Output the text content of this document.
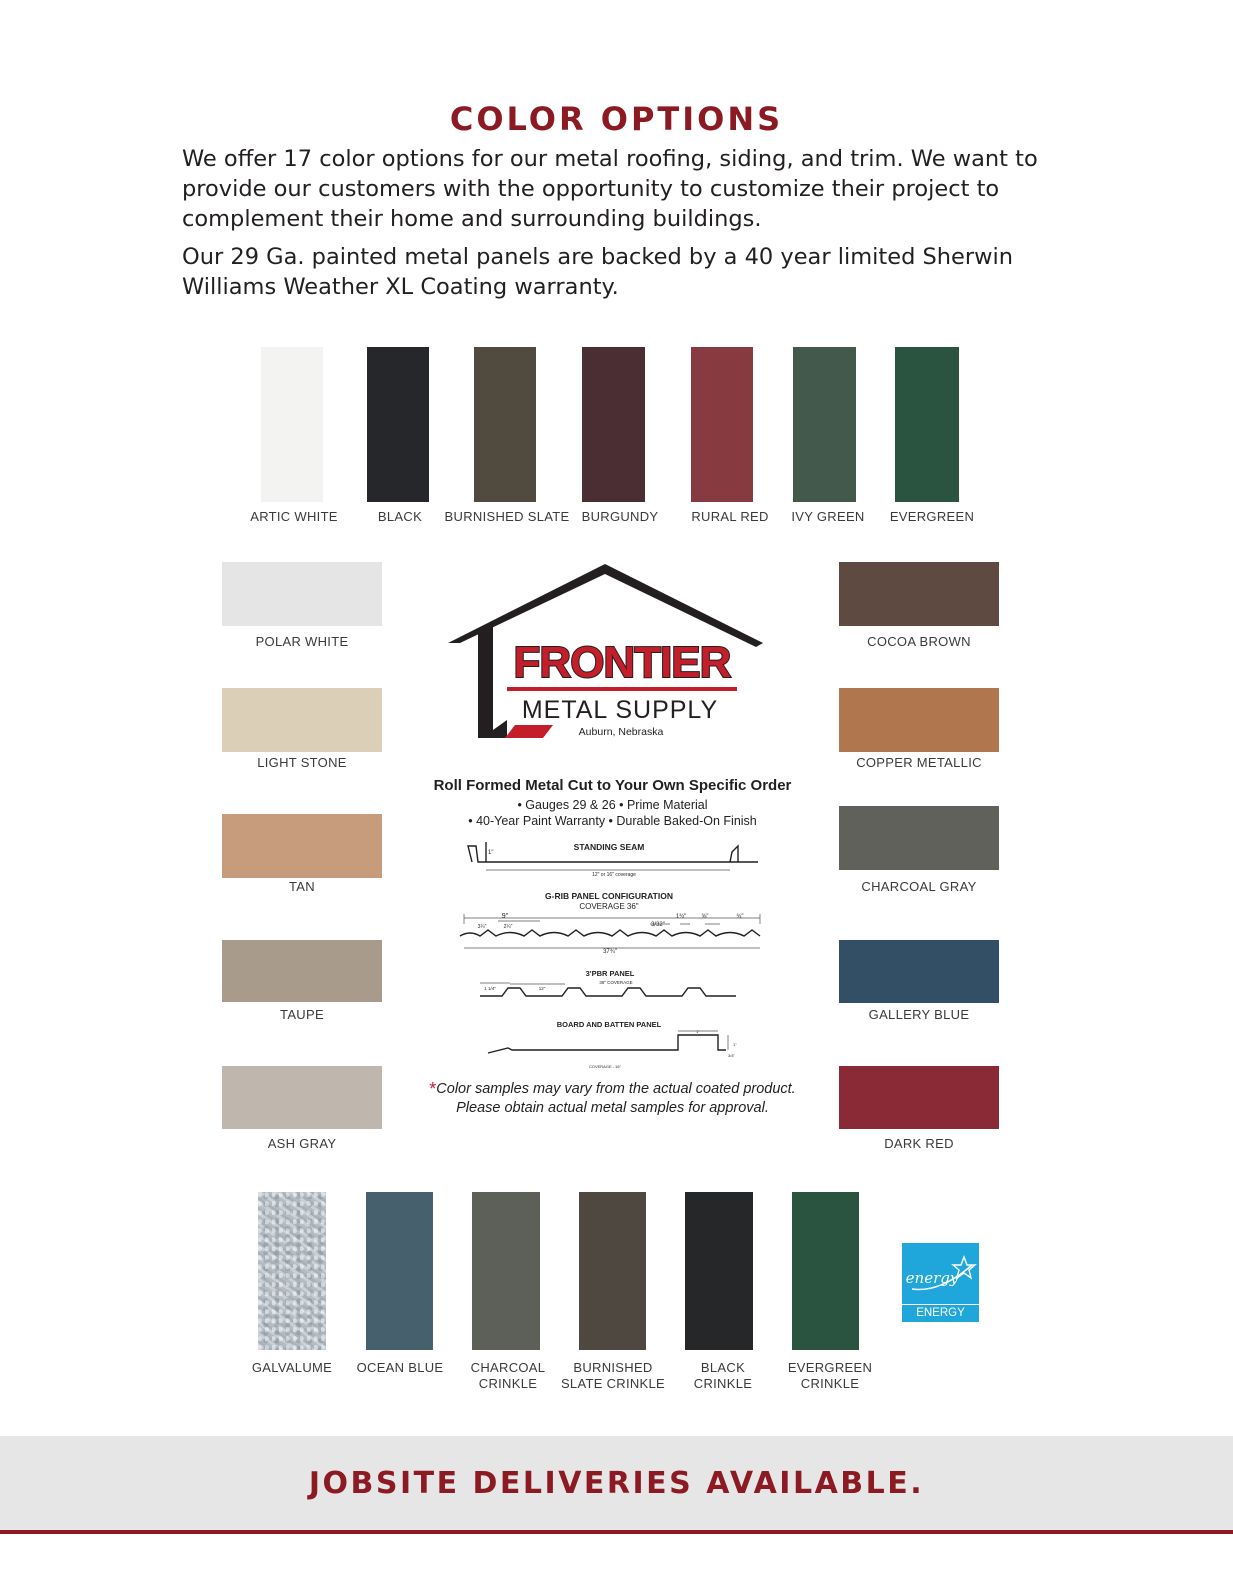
COLOR OPTIONS

We offer 17 color options for our metal roofing, siding, and trim. We want to provide our customers with the opportunity to customize their project to complement their home and surrounding buildings.

Our 29 Ga. painted metal panels are backed by a 40 year limited Sherwin Williams Weather XL Coating warranty.

ARTIC WHITE	BLACK	BURNISHED SLATE BURGUNDY	RURAL RED	IVY GREEN	EVERGREEN
POLAR WHITE
LIGHT STONE
TAN
TAUPE
ASH GRAY
COCOA BROWN
COPPER METALLIC
CHARCOAL GRAY
GALLERY BLUE
DARK RED
FRONTIER
METAL SUPPLY
Auburn, Nebraska
Roll Formed Metal Cut to Your Own Specific Order
• Gauges 29 & 26 • Prime Material
• 40-Year Paint Warranty • Durable Baked-On Finish
STANDING SEAM
1"
12" or 16" coverage
G-RIB PANEL CONFIGURATION
COVERAGE 36"
9"
3¼"	2¼"	3/32"
1¾"	⅝"	¾"
37¾"
3'PBR PANEL
36" COVERAGE
1 1/4"	12"
BOARD AND BATTEN PANEL
COVERAGE - 16"
1"
1"
3/4"
*Color samples may vary from the actual coated product.
Please obtain actual metal samples for approval.
GALVALUME	OCEAN BLUE	CHARCOAL
CRINKLE
BURNISHED
SLATE CRINKLE
BLACK
CRINKLE
EVERGREEN
CRINKLE
energy
ENERGY STAR
JOBSITE DELIVERIES AVAILABLE.
